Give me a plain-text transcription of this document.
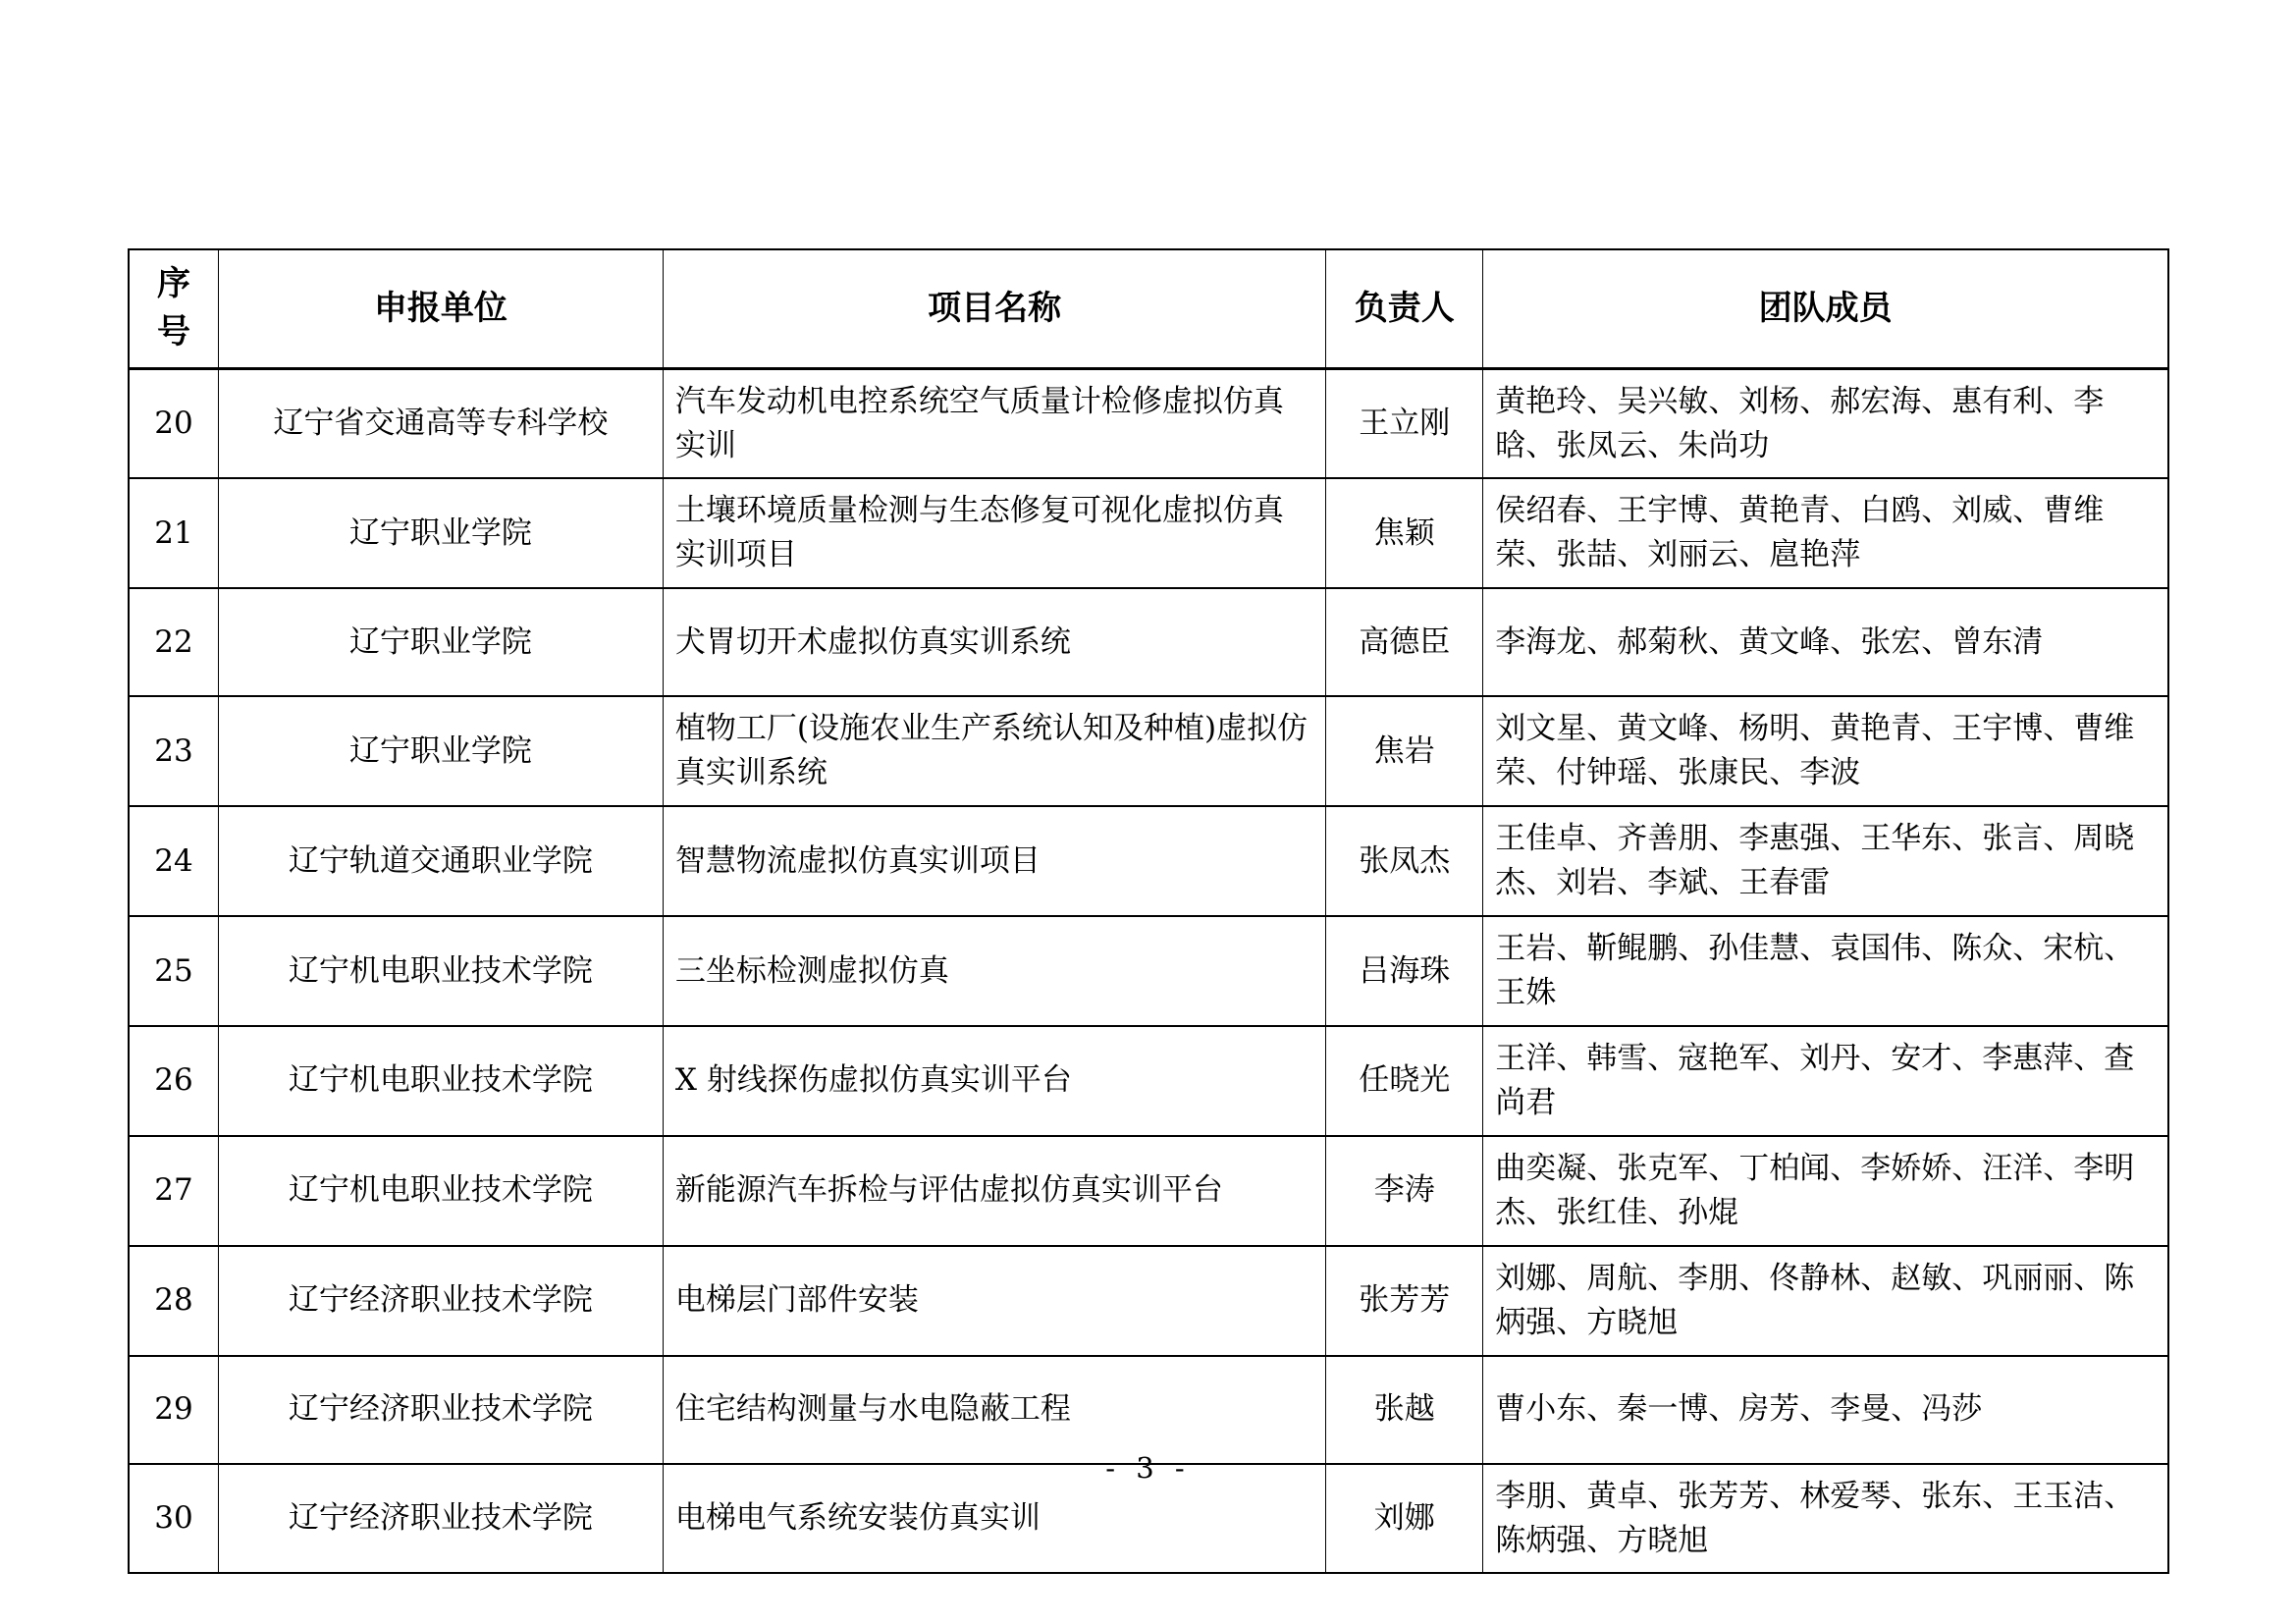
序号	申报单位	项目名称	负责人	团队成员
20	辽宁省交通高等专科学校	汽车发动机电控系统空气质量计检修虚拟仿真实训	王立刚	黄艳玲、吴兴敏、刘杨、郝宏海、惠有利、李晗、张凤云、朱尚功
21	辽宁职业学院	土壤环境质量检测与生态修复可视化虚拟仿真实训项目	焦颖	侯绍春、王宇博、黄艳青、白鸥、刘威、曹维荣、张喆、刘丽云、扈艳萍
22	辽宁职业学院	犬胃切开术虚拟仿真实训系统	高德臣	李海龙、郝菊秋、黄文峰、张宏、曾东清
23	辽宁职业学院	植物工厂(设施农业生产系统认知及种植)虚拟仿真实训系统	焦岩	刘文星、黄文峰、杨明、黄艳青、王宇博、曹维荣、付钟瑶、张康民、李波
24	辽宁轨道交通职业学院	智慧物流虚拟仿真实训项目	张凤杰	王佳卓、齐善朋、李惠强、王华东、张言、周晓杰、刘岩、李斌、王春雷
25	辽宁机电职业技术学院	三坐标检测虚拟仿真	吕海珠	王岩、靳鲲鹏、孙佳慧、袁国伟、陈众、宋杭、王姝
26	辽宁机电职业技术学院	X 射线探伤虚拟仿真实训平台	任晓光	王洋、韩雪、寇艳军、刘丹、安才、李惠萍、查尚君
27	辽宁机电职业技术学院	新能源汽车拆检与评估虚拟仿真实训平台	李涛	曲奕凝、张克军、丁柏闻、李娇娇、汪洋、李明杰、张红佳、孙焜
28	辽宁经济职业技术学院	电梯层门部件安装	张芳芳	刘娜、周航、李朋、佟静林、赵敏、巩丽丽、陈炳强、方晓旭
29	辽宁经济职业技术学院	住宅结构测量与水电隐蔽工程	张越	曹小东、秦一博、房芳、李曼、冯莎
30	辽宁经济职业技术学院	电梯电气系统安装仿真实训	刘娜	李朋、黄卓、张芳芳、林爱琴、张东、王玉洁、陈炳强、方晓旭
- 3 -
